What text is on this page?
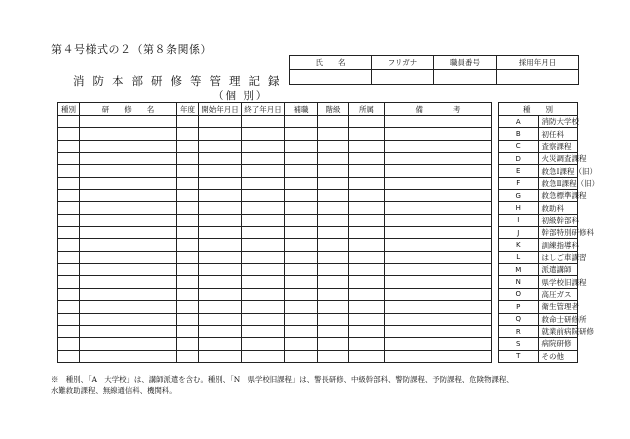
第４号様式の２（第８条関係）
消防本部研修等管理記録
（個 別）
氏　　名	フリガナ	職員番号	採用年月日

種別	研　　修　　名	年度	開始年月日	終了年月日	補職	階級	所属	備　　　　考

									種　　別	
A	消防大学校
B	初任科
C	査察課程
D	火災調査課程
E	救急Ⅰ課程（旧）
F	救急Ⅱ課程（旧）
G	救急標準課程
H	救助科
I	初級幹部科
J	幹部特別研修科
K	訓練指導科
L	はしご車講習
M	派遣講師
N	県学校旧課程
O	高圧ガス
P	衛生管理者
Q	救命士研修所
R	就業前病院研修
S	病院研修
T	その他
※　種別、「A　大学校」は、講師派遣を含む。種別、「N　県学校旧課程」は、警長研修、中級幹部科、警防課程、予防課程、危険物課程、
水難救助課程、無線通信科、機関科。
